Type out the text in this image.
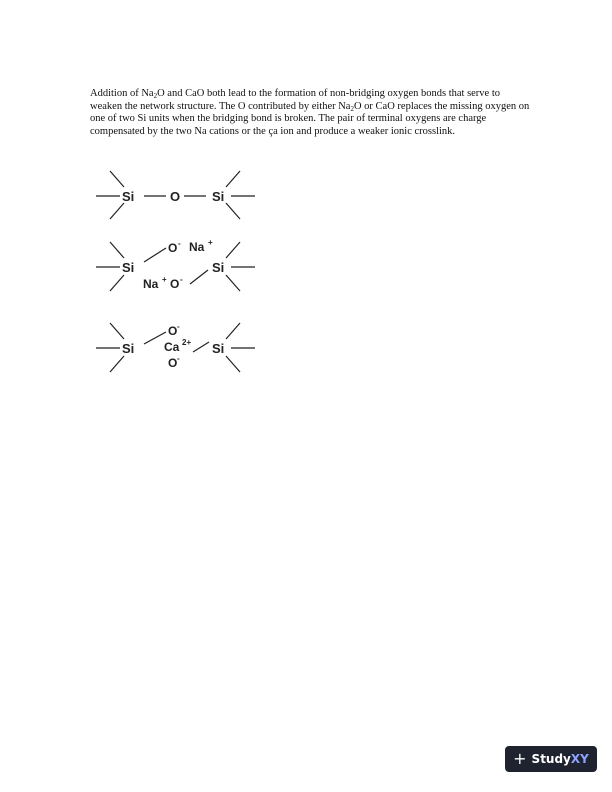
Addition of $Na_2O$ and CaO both lead to the formation of non-bridging oxygen bonds that serve to weaken the network structure. The O contributed by either $Na_2O$ or CaO replaces the missing oxygen on one of two Si units when the bridging bond is broken. The pair of terminal oxygens are charge compensated by the two Na cations or the ça ion and produce a weaker ionic crosslink.

Si	O Si
Si
O - Na +
Na + O -
Si
Si
O -
Ca 2+
O -
Si
+ Study XY
